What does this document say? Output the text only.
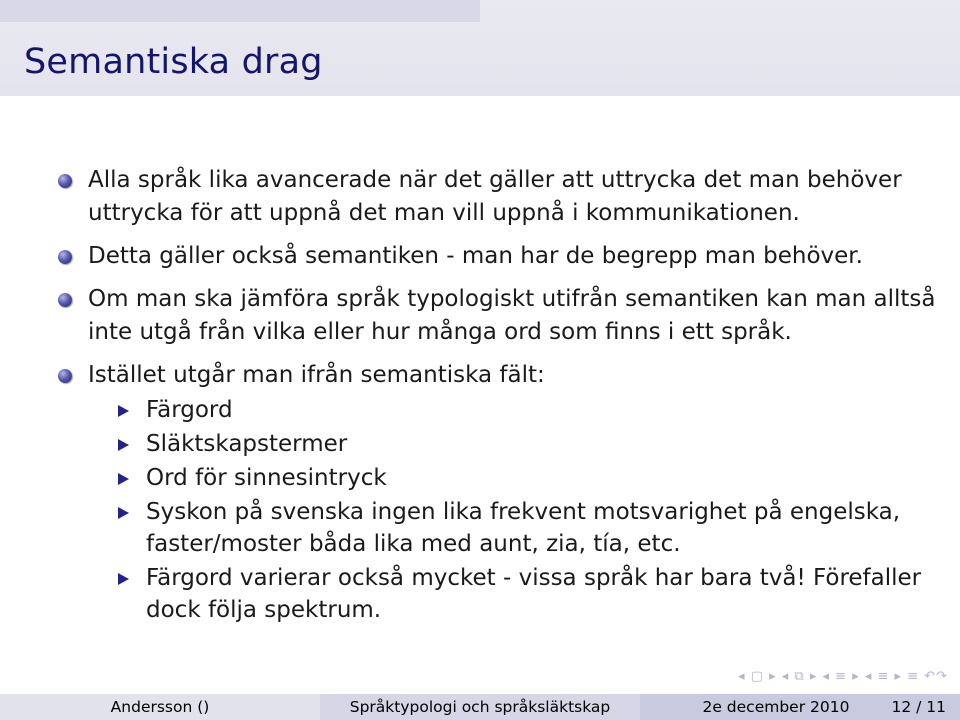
Semantiska drag
Alla språk lika avancerade när det gäller att uttrycka det man behöver uttrycka för att uppnå det man vill uppnå i kommunikationen.
Detta gäller också semantiken - man har de begrepp man behöver.
Om man ska jämföra språk typologiskt utifrån semantiken kan man alltså inte utgå från vilka eller hur många ord som finns i ett språk.
Istället utgår man ifrån semantiska fält:
Färgord
Släktskapstermer
Ord för sinnesintryck
Syskon på svenska ingen lika frekvent motsvarighet på engelska, faster/moster båda lika med aunt, zia, tía, etc.
Färgord varierar också mycket - vissa språk har bara två! Förefaller dock följa spektrum.
◂ ▢ ▸ ◂ ⧉ ▸ ◂ ≡ ▸ ◂ ≡ ▸ ≡ ↶↷
Andersson ()	Språktypologi och språksläktskap	2e december 2010	12 / 11
